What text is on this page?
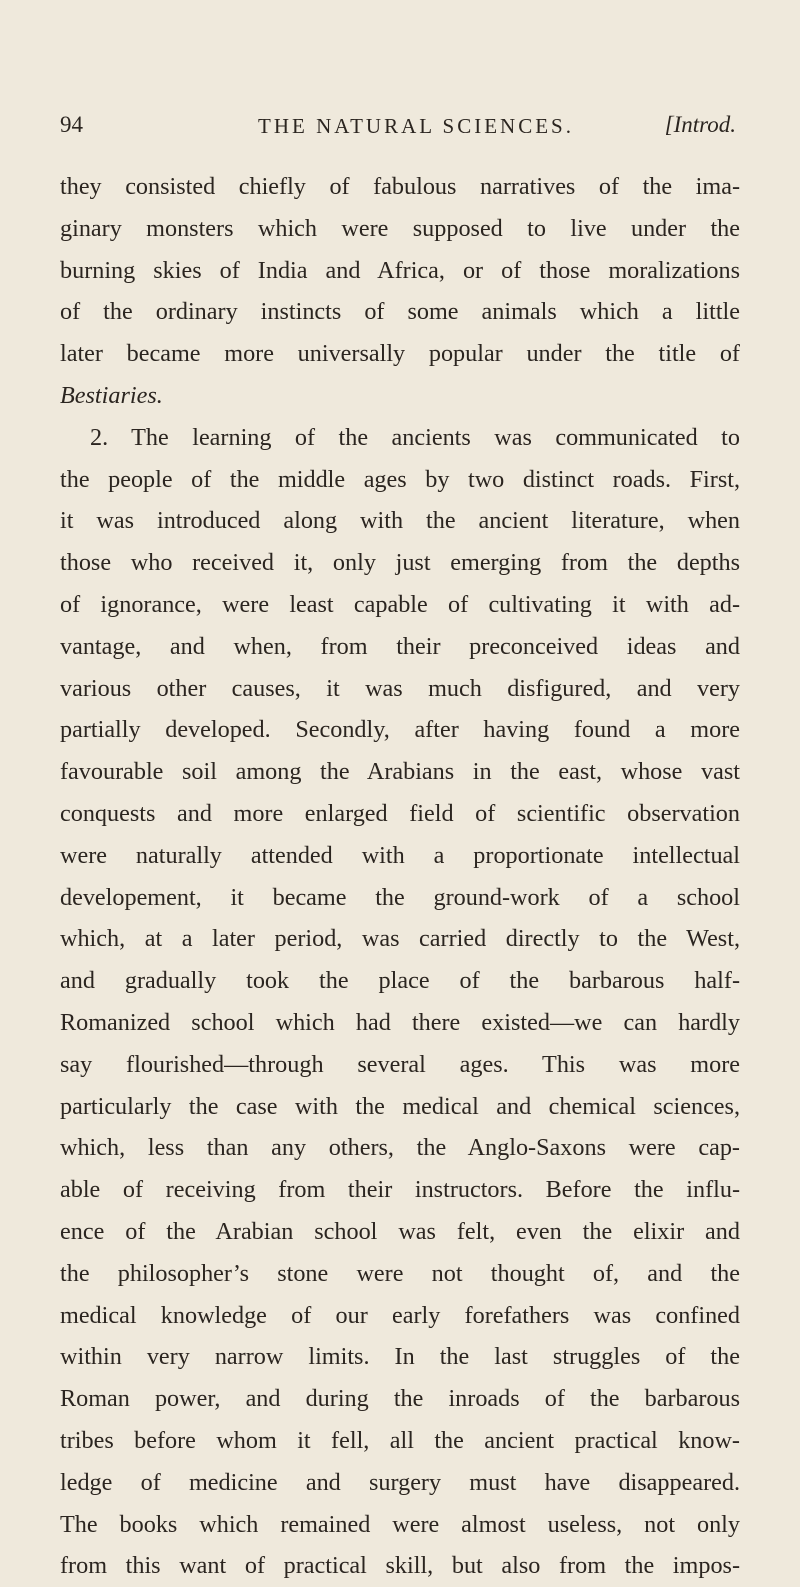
94	THE NATURAL SCIENCES.	[Introd.
they consisted chiefly of fabulous narratives of the ima-
ginary monsters which were supposed to live under the
burning skies of India and Africa, or of those moralizations
of the ordinary instincts of some animals which a little
later became more universally popular under the title of
Bestiaries.
2. The learning of the ancients was communicated to
the people of the middle ages by two distinct roads. First,
it was introduced along with the ancient literature, when
those who received it, only just emerging from the depths
of ignorance, were least capable of cultivating it with ad-
vantage, and when, from their preconceived ideas and
various other causes, it was much disfigured, and very
partially developed. Secondly, after having found a more
favourable soil among the Arabians in the east, whose vast
conquests and more enlarged field of scientific observation
were naturally attended with a proportionate intellectual
developement, it became the ground-work of a school
which, at a later period, was carried directly to the West,
and gradually took the place of the barbarous half-
Romanized school which had there existed—we can hardly
say flourished—through several ages. This was more
particularly the case with the medical and chemical sciences,
which, less than any others, the Anglo-Saxons were cap-
able of receiving from their instructors. Before the influ-
ence of the Arabian school was felt, even the elixir and
the philosopher’s stone were not thought of, and the
medical knowledge of our early forefathers was confined
within very narrow limits. In the last struggles of the
Roman power, and during the inroads of the barbarous
tribes before whom it fell, all the ancient practical know-
ledge of medicine and surgery must have disappeared.
The books which remained were almost useless, not only
from this want of practical skill, but also from the impos-
